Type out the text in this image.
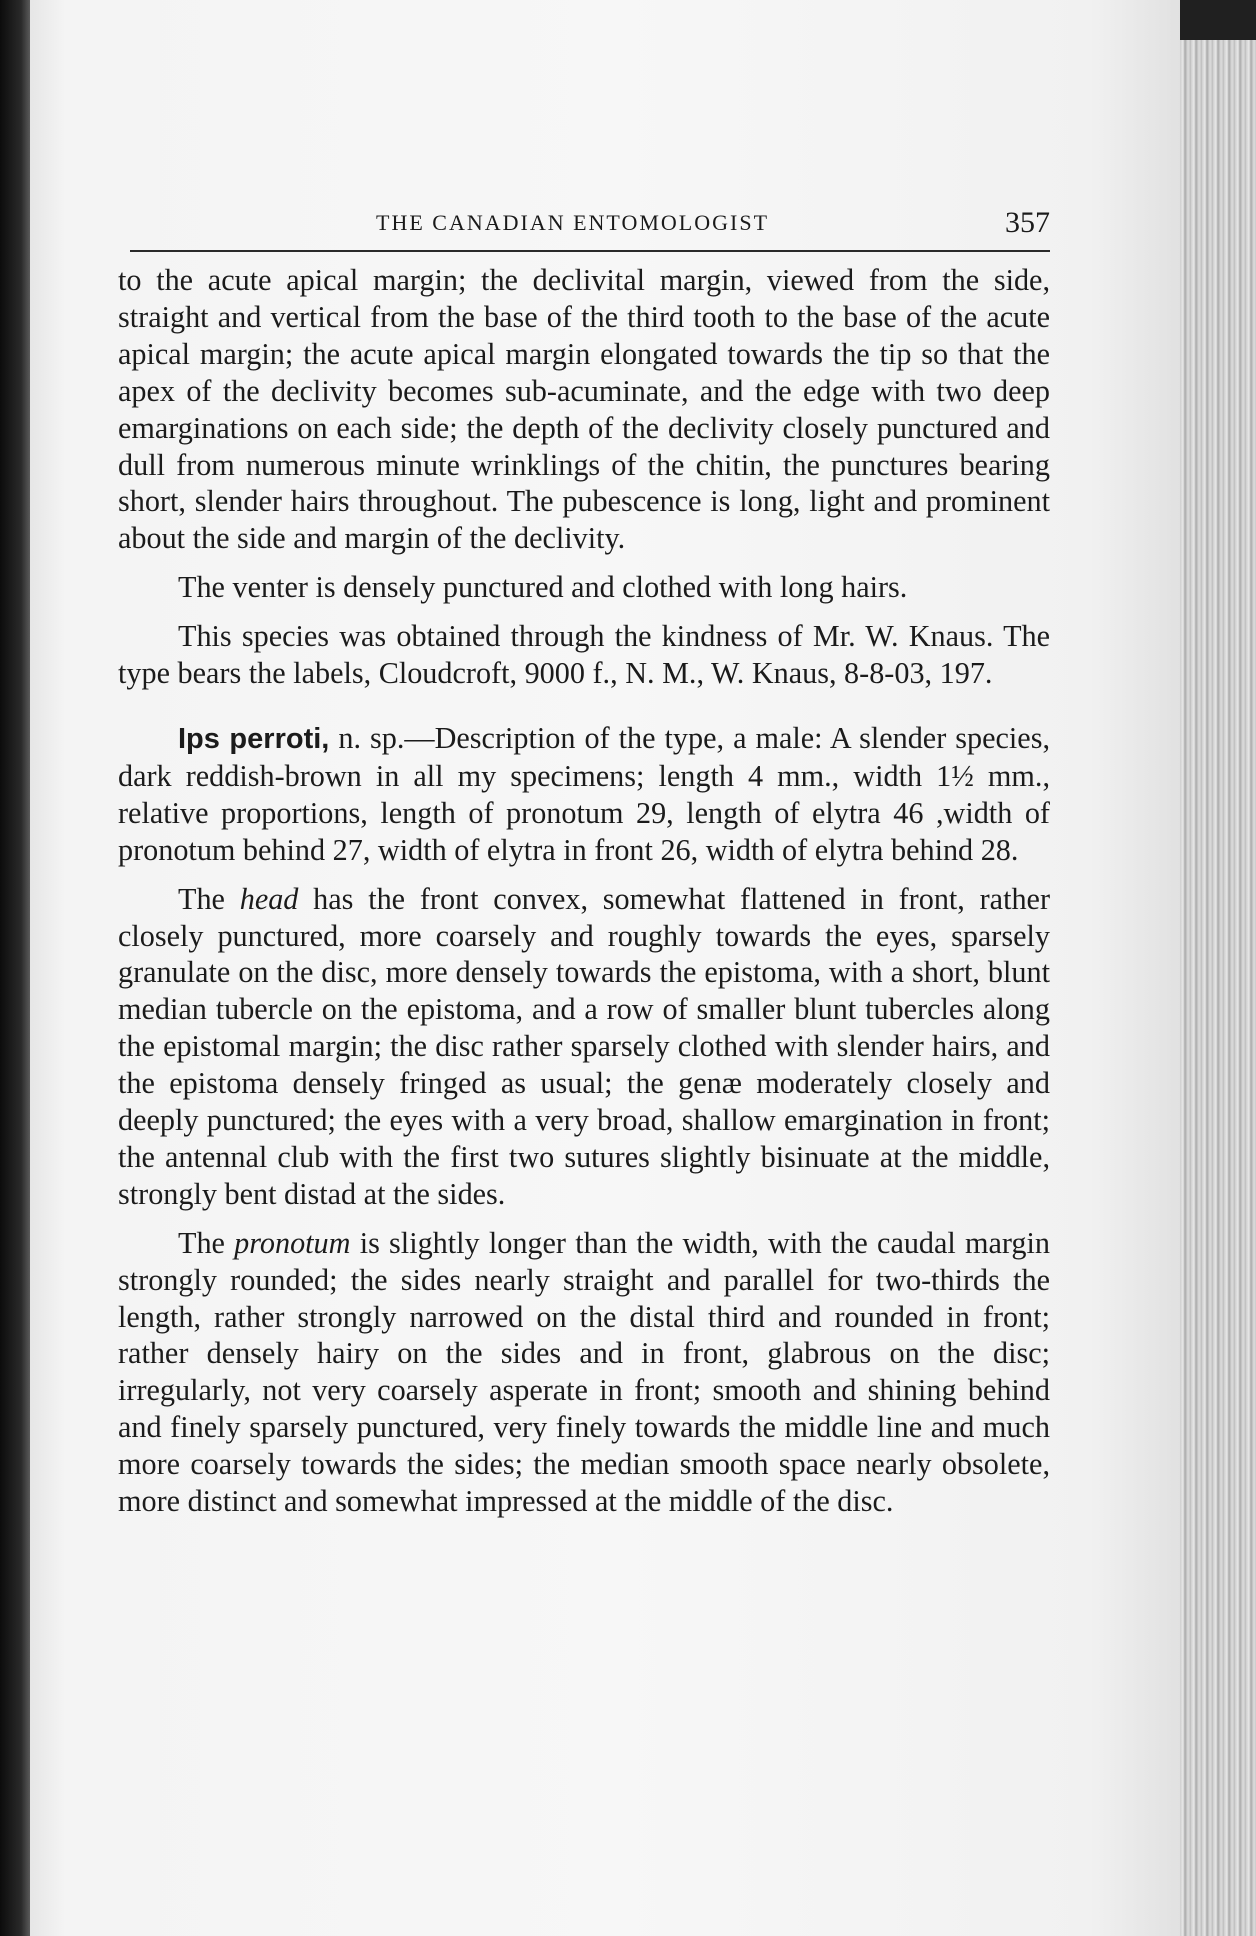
THE CANADIAN ENTOMOLOGIST	357

to the acute apical margin; the declivital margin, viewed from the side, straight and vertical from the base of the third tooth to the base of the acute apical margin; the acute apical margin elongated towards the tip so that the apex of the declivity becomes sub-acuminate, and the edge with two deep emarginations on each side; the depth of the declivity closely punctured and dull from numerous minute wrinklings of the chitin, the punctures bearing short, slender hairs throughout. The pubescence is long, light and prominent about the side and margin of the declivity.

The venter is densely punctured and clothed with long hairs.

This species was obtained through the kindness of Mr. W. Knaus. The type bears the labels, Cloudcroft, 9000 f., N. M., W. Knaus, 8-8-03, 197.

Ips perroti, n. sp.—Description of the type, a male: A slender species, dark reddish-brown in all my specimens; length 4 mm., width 1½ mm., relative proportions, length of pronotum 29, length of elytra 46 ,width of pronotum behind 27, width of elytra in front 26, width of elytra behind 28.

The head has the front convex, somewhat flattened in front, rather closely punctured, more coarsely and roughly towards the eyes, sparsely granulate on the disc, more densely towards the epistoma, with a short, blunt median tubercle on the epistoma, and a row of smaller blunt tubercles along the epistomal margin; the disc rather sparsely clothed with slender hairs, and the epistoma densely fringed as usual; the genæ moderately closely and deeply punctured; the eyes with a very broad, shallow emargination in front; the antennal club with the first two sutures slightly bisinuate at the middle, strongly bent distad at the sides.

The pronotum is slightly longer than the width, with the caudal margin strongly rounded; the sides nearly straight and parallel for two-thirds the length, rather strongly narrowed on the distal third and rounded in front; rather densely hairy on the sides and in front, glabrous on the disc; irregularly, not very coarsely asperate in front; smooth and shining behind and finely sparsely punctured, very finely towards the middle line and much more coarsely towards the sides; the median smooth space nearly obsolete, more distinct and somewhat impressed at the middle of the disc.
